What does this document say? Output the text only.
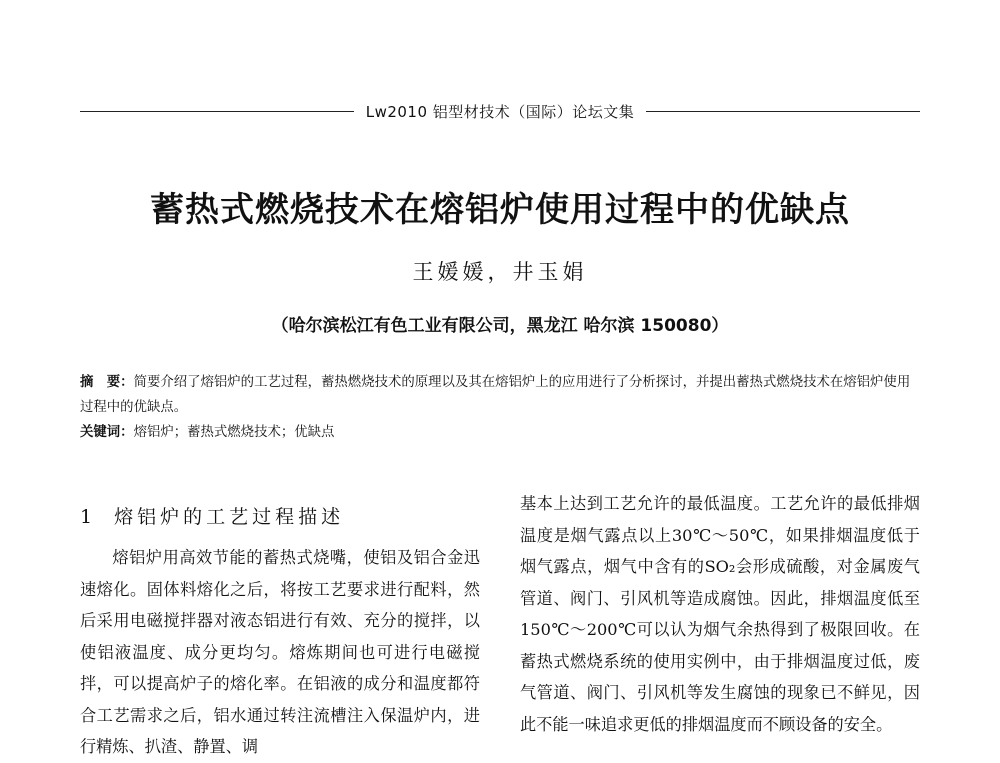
Lw2010 铝型材技术（国际）论坛文集
蓄热式燃烧技术在熔铝炉使用过程中的优缺点
王媛媛，井玉娟
（哈尔滨松江有色工业有限公司，黑龙江 哈尔滨 150080）

摘　要：简要介绍了熔铝炉的工艺过程，蓄热燃烧技术的原理以及其在熔铝炉上的应用进行了分析探讨，并提出蓄热式燃烧技术在熔铝炉使用过程中的优缺点。

关键词：熔铝炉；蓄热式燃烧技术；优缺点

1 熔铝炉的工艺过程描述

熔铝炉用高效节能的蓄热式烧嘴，使铝及铝合金迅速熔化。固体料熔化之后，将按工艺要求进行配料，然后采用电磁搅拌器对液态铝进行有效、充分的搅拌，以使铝液温度、成分更均匀。熔炼期间也可进行电磁搅拌，可以提高炉子的熔化率。在铝液的成分和温度都符合工艺需求之后，铝水通过转注流槽注入保温炉内，进行精炼、扒渣、静置、调

基本上达到工艺允许的最低温度。工艺允许的最低排烟温度是烟气露点以上30℃～50℃，如果排烟温度低于烟气露点，烟气中含有的SO₂会形成硫酸，对金属废气管道、阀门、引风机等造成腐蚀。因此，排烟温度低至150℃～200℃可以认为烟气余热得到了极限回收。在蓄热式燃烧系统的使用实例中，由于排烟温度过低，废气管道、阀门、引风机等发生腐蚀的现象已不鲜见，因此不能一味追求更低的排烟温度而不顾设备的安全。
